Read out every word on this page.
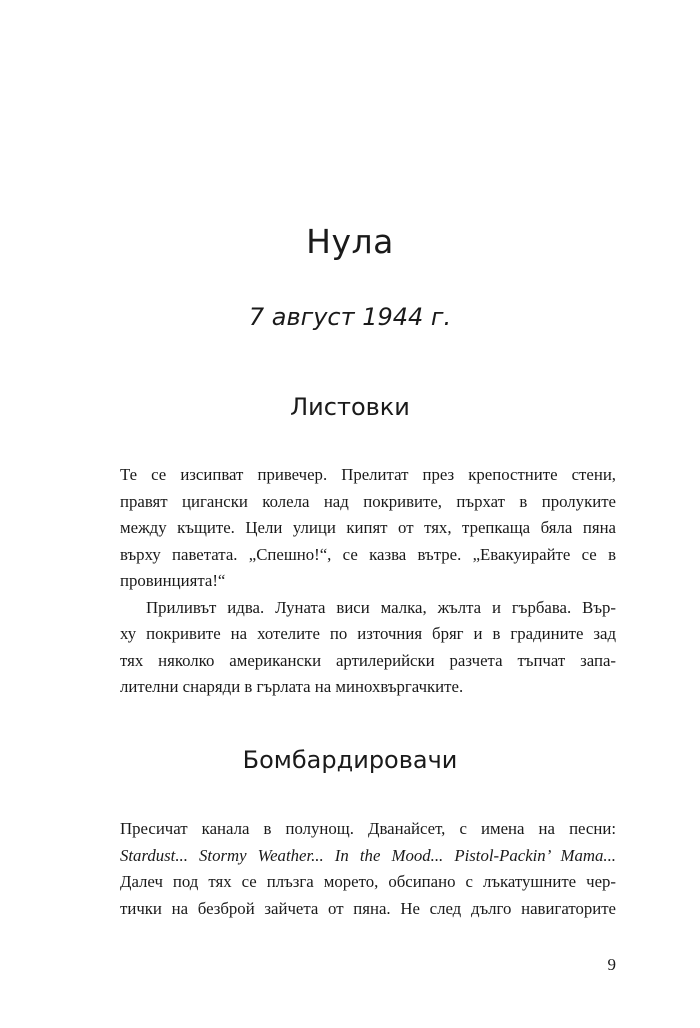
Нула
7 август 1944 г.
Листовки
Те се изсипват привечер. Прелитат през крепостните стени,
правят цигански колела над покривите, пърхат в пролуките
между къщите. Цели улици кипят от тях, трепкаща бяла пяна
върху паветата. „Спешно!“, се казва вътре. „Евакуирайте се в
провинцията!“
Приливът идва. Луната виси малка, жълта и гърбава. Вър-
ху покривите на хотелите по източния бряг и в градините зад
тях няколко американски артилерийски разчета тъпчат запа-
лителни снаряди в гърлата на минохвъргачките.
Бомбардировачи
Пресичат канала в полунощ. Дванайсет, с имена на песни:
Stardust... Stormy Weather... In the Mood... Pistol-Packin’ Mama...
Далеч под тях се плъзга морето, обсипано с лъкатушните чер-
тички на безброй зайчета от пяна. Не след дълго навигаторите
9
